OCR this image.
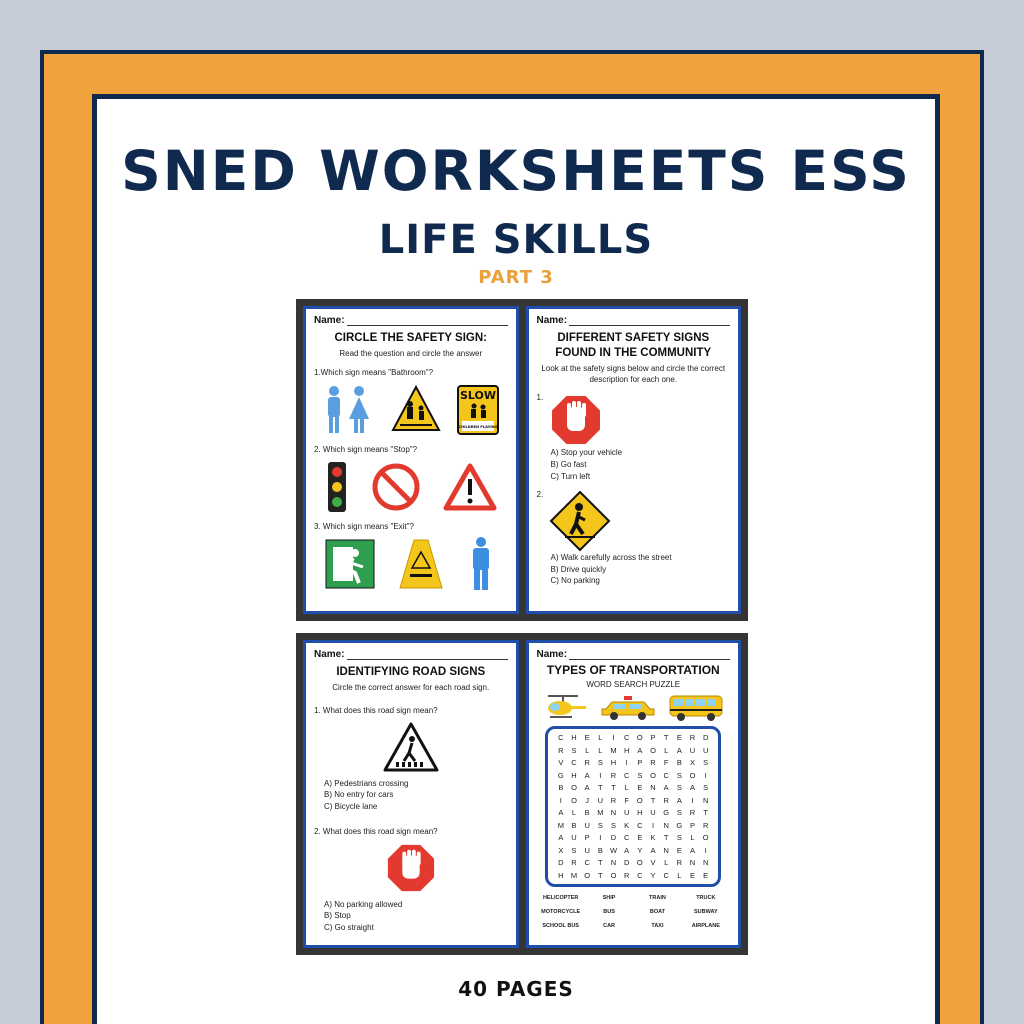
SNED WORKSHEETS ESS
LIFE SKILLS
PART 3
Name:
CIRCLE THE SAFETY SIGN:
Read the question and circle the answer
1.Which sign means "Bathroom"?
SLOW
CHILDREN PLAYING
2. Which sign means "Stop"?
3. Which sign means "Exit"?
Name:
DIFFERENT SAFETY SIGNS FOUND IN THE COMMUNITY
Look at the safety signs below and circle the correct description for each one.
1.
A) Stop your vehicle
B) Go fast
C) Turn left
2.
A) Walk carefully across the street
B) Drive quickly
C) No parking
Name:
IDENTIFYING ROAD SIGNS
Circle the correct answer for each road sign.
1. What does this road sign mean?
A) Pedestrians crossing
B) No entry for cars
C) Bicycle lane
2. What does this road sign mean?
A) No parking allowed
B) Stop
C) Go straight
Name:
TYPES OF TRANSPORTATION
WORD SEARCH PUZZLE
C	H	E	L	I	C	O	P	T	E	R	D
R	S	L	L	M H	A	O	L	A	U	U
V	C	R	S	H	I	P	R	F	B	X	S
G	H	A	I	R	C	S	O	C	S	O	I
B	O	A	T	T	L	E	N	A	S	A	S
I	O	J	U	R	F	O	T	R	A	I	N
A	L	B	M N	U	H	U	G	S	R	T
M	B	U	S	S	K	C	I	N	G	P	R
A	U	P	I	D	C	E	K	T	S	L	O
X	S	U	B W A	Y	A	N	E	A	I
D	R	C	T	N	D	O	V	L	R	N	N
H M O	T	O	R	C	Y	C	L	E	E
HELICOPTER	SHIP	TRAIN	TRUCK
MOTORCYCLE	BUS	BOAT	SUBWAY
SCHOOL BUS	CAR	TAXI	AIRPLANE
40 PAGES
